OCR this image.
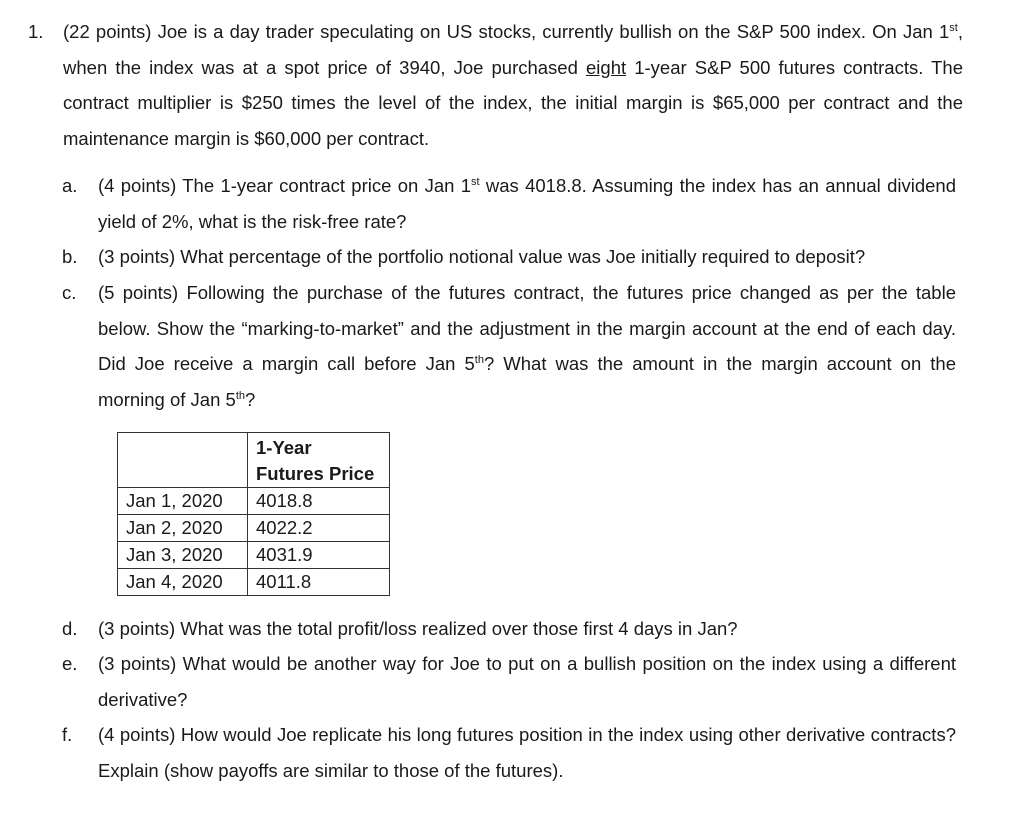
1. (22 points) Joe is a day trader speculating on US stocks, currently bullish on the S&P 500 index. On Jan 1st, when the index was at a spot price of 3940, Joe purchased eight 1-year S&P 500 futures contracts. The contract multiplier is $250 times the level of the index, the initial margin is $65,000 per contract and the maintenance margin is $60,000 per contract.
a.	(4 points) The 1-year contract price on Jan 1st was 4018.8. Assuming the index has an annual dividend yield of 2%, what is the risk-free rate?
b.	(3 points) What percentage of the portfolio notional value was Joe initially required to deposit?
c.	(5 points) Following the purchase of the futures contract, the futures price changed as per the table below. Show the “marking-to-market” and the adjustment in the margin account at the end of each day. Did Joe receive a margin call before Jan 5th? What was the amount in the margin account on the morning of Jan 5th?
	1-Year
Futures Price
Jan 1, 2020	4018.8
Jan 2, 2020	4022.2
Jan 3, 2020	4031.9
Jan 4, 2020	4011.8
d.	(3 points) What was the total profit/loss realized over those first 4 days in Jan?
e.	(3 points) What would be another way for Joe to put on a bullish position on the index using a different derivative?
f.	(4 points) How would Joe replicate his long futures position in the index using other derivative contracts? Explain (show payoffs are similar to those of the futures).
